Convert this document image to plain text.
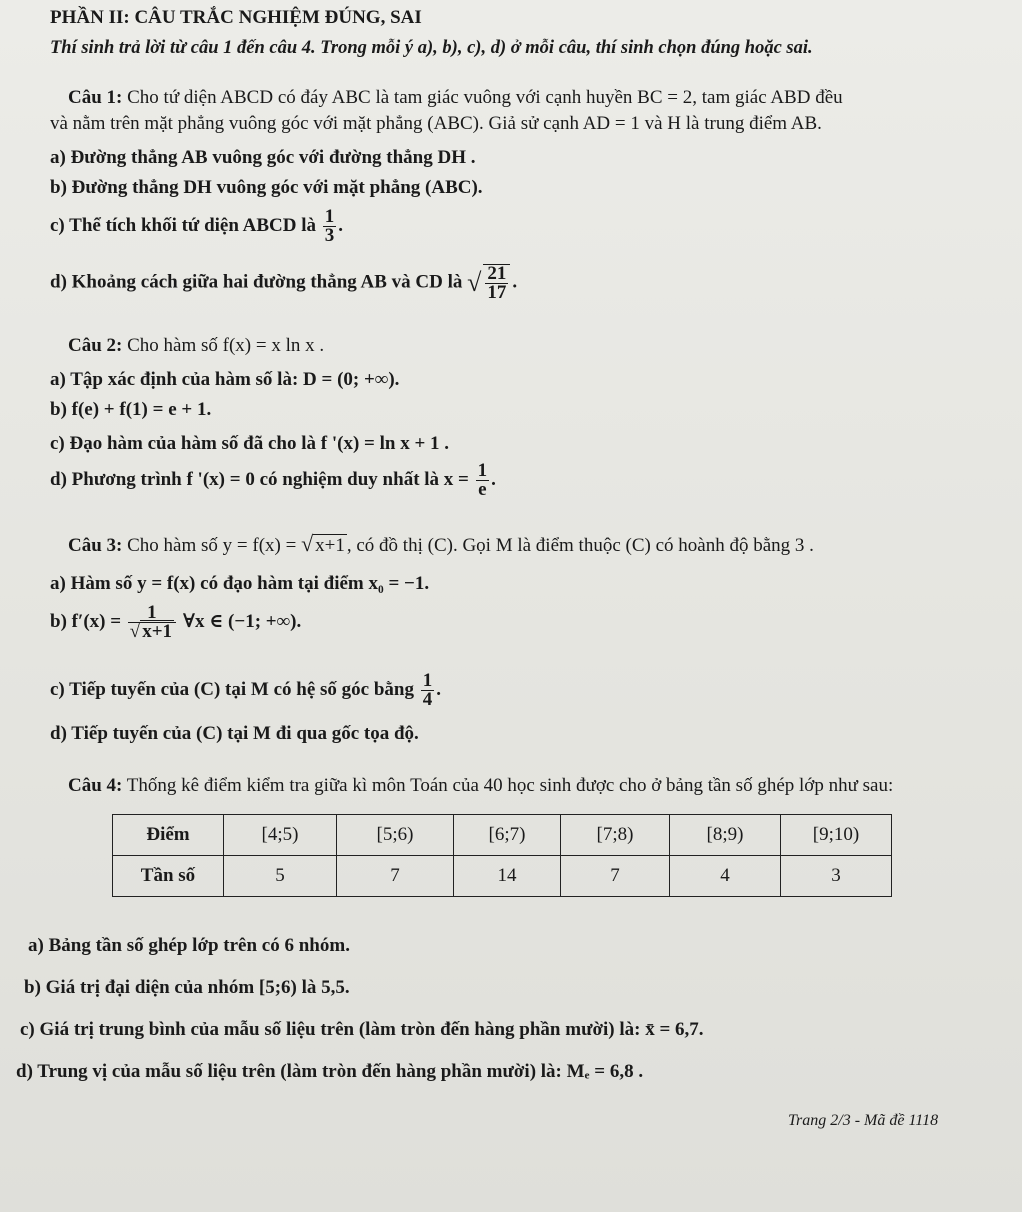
PHẦN II: CÂU TRẮC NGHIỆM ĐÚNG, SAI
Thí sinh trả lời từ câu 1 đến câu 4. Trong mỗi ý a), b), c), d) ở mỗi câu, thí sinh chọn đúng hoặc sai.
Câu 1: Cho tứ diện ABCD có đáy ABC là tam giác vuông với cạnh huyền BC = 2, tam giác ABD đều
và nằm trên mặt phẳng vuông góc với mặt phẳng (ABC). Giả sử cạnh AD = 1 và H là trung điểm AB.
a) Đường thẳng AB vuông góc với đường thẳng DH .
b) Đường thẳng DH vuông góc với mặt phẳng (ABC).
c) Thể tích khối tứ diện ABCD là $\frac{1}{3}$ .
d) Khoảng cách giữa hai đường thẳng AB và CD là √ $\frac{21}{17}$ .
Câu 2: Cho hàm số f(x) = x ln x .
a) Tập xác định của hàm số là: D = (0; +∞).
b) f(e) + f(1) = e + 1.
c) Đạo hàm của hàm số đã cho là f '(x) = ln x + 1 .
d) Phương trình f '(x) = 0 có nghiệm duy nhất là $x = \frac{1}{e}$ .
Câu 3: Cho hàm số y = f(x) = √ x+1 , có đồ thị (C). Gọi M là điểm thuộc (C) có hoành độ bằng 3 .
a) Hàm số y = f(x) có đạo hàm tại điểm x₀ = −1.
b) $f'(x) = \frac{1}{√ x+1}$ ∀x ∈ (−1; +∞).
c) Tiếp tuyến của (C) tại M có hệ số góc bằng $\frac{1}{4}$ .
d) Tiếp tuyến của (C) tại M đi qua gốc tọa độ.
Câu 4: Thống kê điểm kiểm tra giữa kì môn Toán của 40 học sinh được cho ở bảng tần số ghép lớp như sau:
Điểm	[4;5)	[5;6)	[6;7)	[7;8)	[8;9)	[9;10)
Tần số	5	7	14	7	4	3
a) Bảng tần số ghép lớp trên có 6 nhóm.
b) Giá trị đại diện của nhóm [5;6) là 5,5.
c) Giá trị trung bình của mẫu số liệu trên (làm tròn đến hàng phần mười) là: x̄ = 6,7.
d) Trung vị của mẫu số liệu trên (làm tròn đến hàng phần mười) là: Mₑ = 6,8 .
Trang 2/3 - Mã đề 1118
